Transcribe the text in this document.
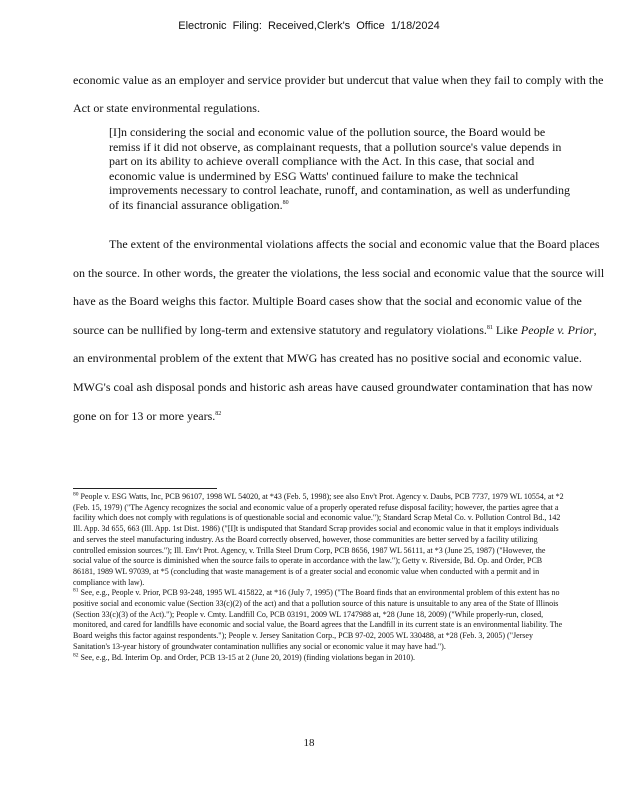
Electronic Filing: Received,Clerk's Office 1/18/2024

economic value as an employer and service provider but undercut that value when they fail to comply with the Act or state environmental regulations.

[I]n considering the social and economic value of the pollution source, the Board would be remiss if it did not observe, as complainant requests, that a pollution source's value depends in part on its ability to achieve overall compliance with the Act. In this case, that social and economic value is undermined by ESG Watts' continued failure to make the technical improvements necessary to control leachate, runoff, and contamination, as well as underfunding of its financial assurance obligation.$^{80}$

The extent of the environmental violations affects the social and economic value that the Board places on the source. In other words, the greater the violations, the less social and economic value that the source will have as the Board weighs this factor. Multiple Board cases show that the social and economic value of the source can be nullified by long-term and extensive statutory and regulatory violations.$^{81}$ Like People v. Prior, an environmental problem of the extent that MWG has created has no positive social and economic value. MWG's coal ash disposal ponds and historic ash areas have caused groundwater contamination that has now gone on for 13 or more years.$^{82}$

$^{80}$ People v. ESG Watts, Inc, PCB 96107, 1998 WL 54020, at *43 (Feb. 5, 1998); see also Env't Prot. Agency v. Daubs, PCB 7737, 1979 WL 10554, at *2 (Feb. 15, 1979) ("The Agency recognizes the social and economic value of a properly operated refuse disposal facility; however, the parties agree that a facility which does not comply with regulations is of questionable social and economic value."); Standard Scrap Metal Co. v. Pollution Control Bd., 142 Ill. App. 3d 655, 663 (Ill. App. 1st Dist. 1986) ("[I]t is undisputed that Standard Scrap provides social and economic value in that it employs individuals and serves the steel manufacturing industry. As the Board correctly observed, however, those communities are better served by a facility utilizing controlled emission sources."); Ill. Env't Prot. Agency, v. Trilla Steel Drum Corp, PCB 8656, 1987 WL 56111, at *3 (June 25, 1987) ("However, the social value of the source is diminished when the source fails to operate in accordance with the law."); Getty v. Riverside, Bd. Op. and Order, PCB 86181, 1989 WL 97039, at *5 (concluding that waste management is of a greater social and economic value when conducted with a permit and in compliance with law).

$^{81}$ See, e.g., People v. Prior, PCB 93-248, 1995 WL 415822, at *16 (July 7, 1995) ("The Board finds that an environmental problem of this extent has no positive social and economic value (Section 33(c)(2) of the act) and that a pollution source of this nature is unsuitable to any area of the State of Illinois (Section 33(c)(3) of the Act)."); People v. Cmty. Landfill Co, PCB 03191, 2009 WL 1747988 at, *28 (June 18, 2009) ("While properly-run, closed, monitored, and cared for landfills have economic and social value, the Board agrees that the Landfill in its current state is an environmental liability. The Board weighs this factor against respondents."); People v. Jersey Sanitation Corp., PCB 97-02, 2005 WL 330488, at *28 (Feb. 3, 2005) ("Jersey Sanitation's 13-year history of groundwater contamination nullifies any social or economic value it may have had.").

$^{82}$ See, e.g., Bd. Interim Op. and Order, PCB 13-15 at 2 (June 20, 2019) (finding violations began in 2010).

18
